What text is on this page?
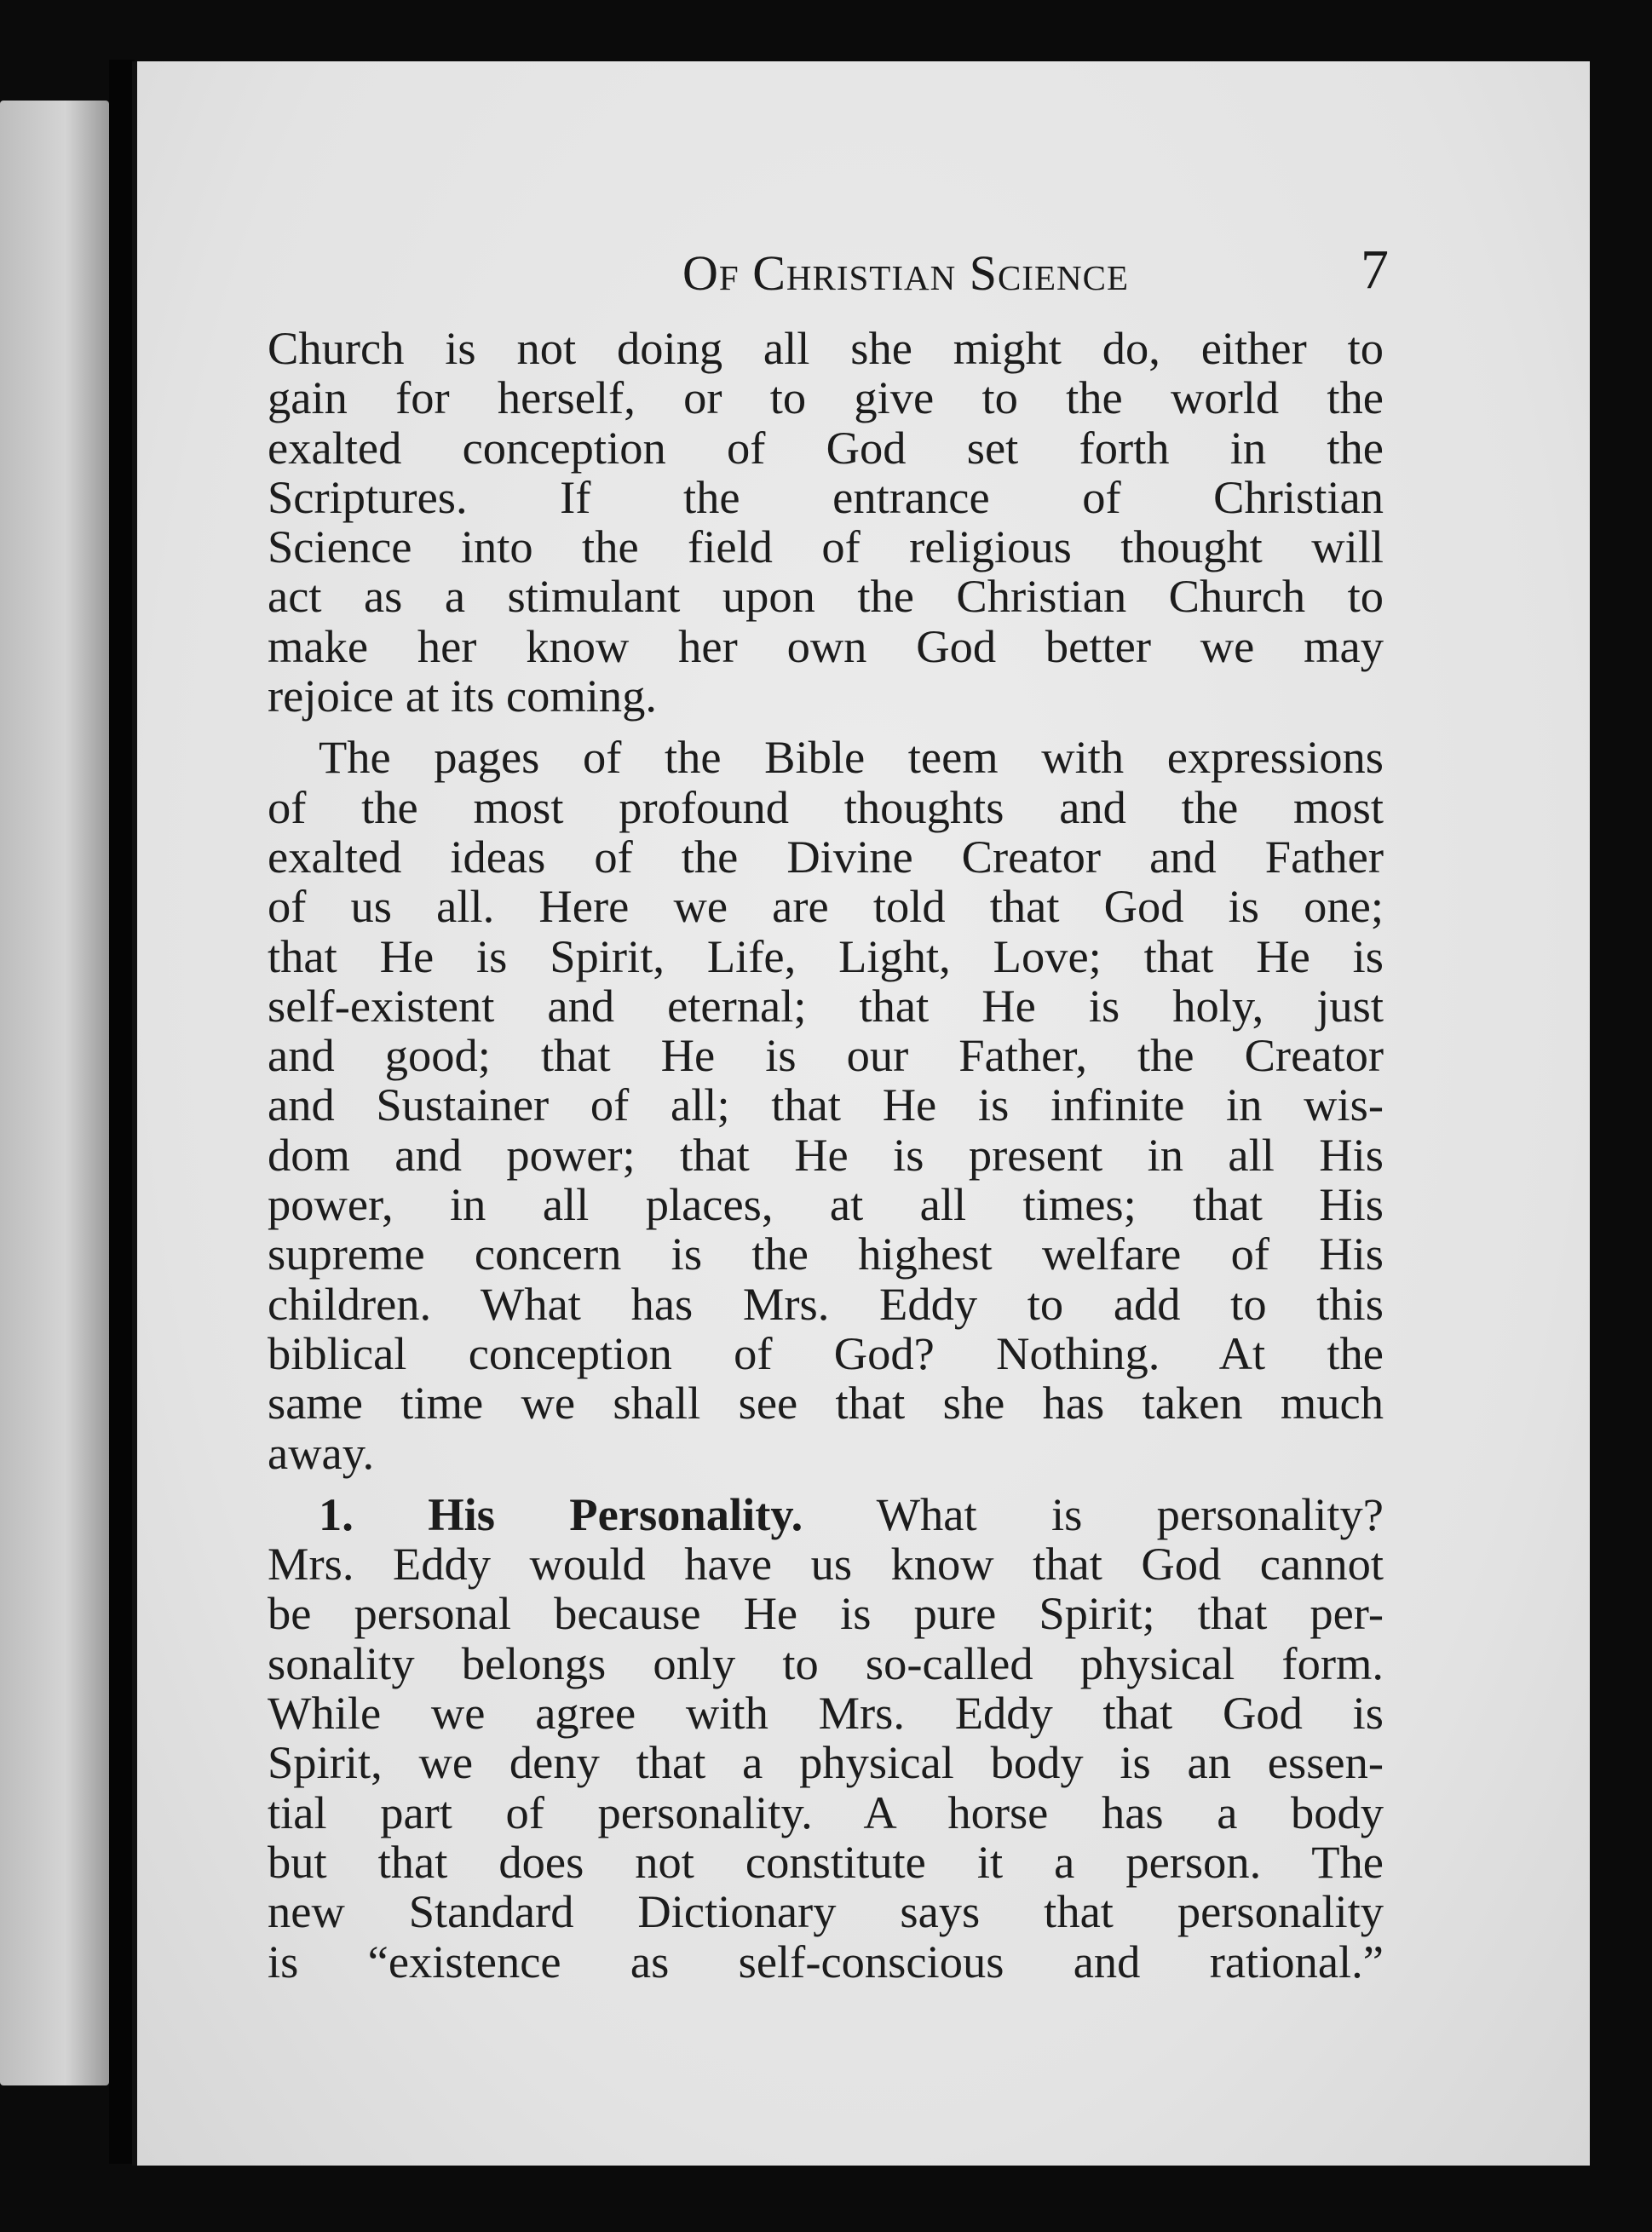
Of Christian Science	7
Church is not doing all she might do, either to
gain for herself, or to give to the world the
exalted conception of God set forth in the
Scriptures. If the entrance of Christian
Science into the field of religious thought will
act as a stimulant upon the Christian Church to
make her know her own God better we may
rejoice at its coming.
The pages of the Bible teem with expressions
of the most profound thoughts and the most
exalted ideas of the Divine Creator and Father
of us all. Here we are told that God is one;
that He is Spirit, Life, Light, Love; that He is
self-existent and eternal; that He is holy, just
and good; that He is our Father, the Creator
and Sustainer of all; that He is infinite in wis-
dom and power; that He is present in all His
power, in all places, at all times; that His
supreme concern is the highest welfare of His
children. What has Mrs. Eddy to add to this
biblical conception of God? Nothing. At the
same time we shall see that she has taken much
away.
1. His Personality. What is personality?
Mrs. Eddy would have us know that God cannot
be personal because He is pure Spirit; that per-
sonality belongs only to so-called physical form.
While we agree with Mrs. Eddy that God is
Spirit, we deny that a physical body is an essen-
tial part of personality. A horse has a body
but that does not constitute it a person. The
new Standard Dictionary says that personality
is “existence as self-conscious and rational.”
